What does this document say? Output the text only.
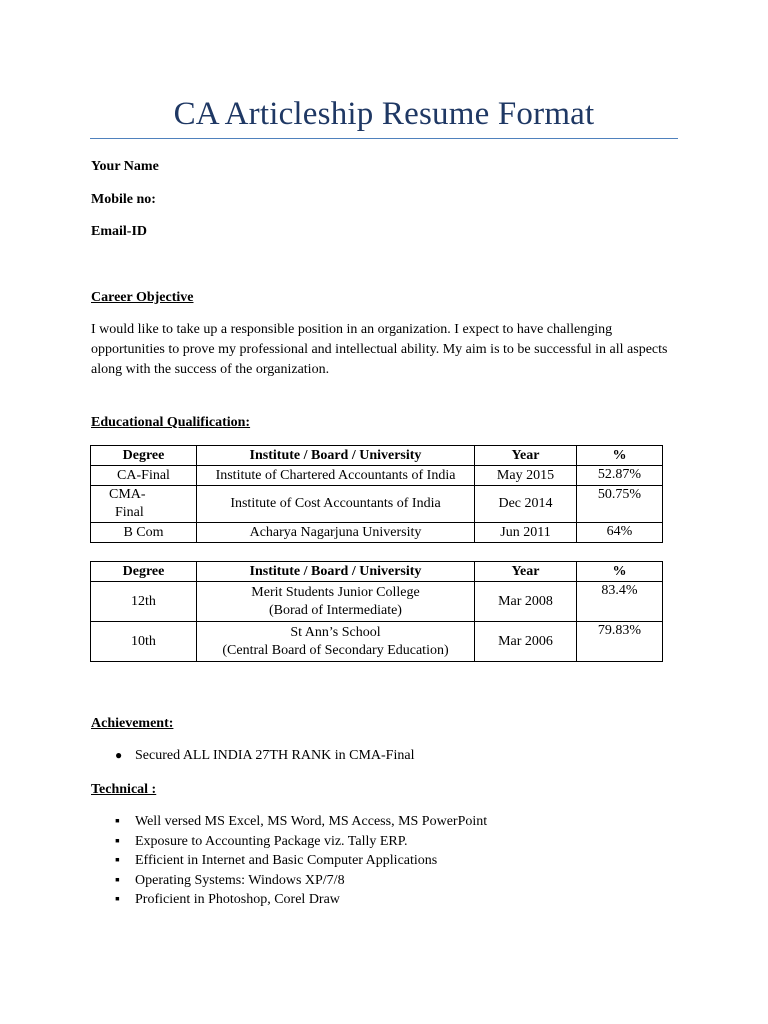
CA Articleship Resume Format
Your Name
Mobile no:
Email-ID
Career Objective
I would like to take up a responsible position in an organization. I expect to have challenging opportunities to prove my professional and intellectual ability. My aim is to be successful in all aspects along with the success of the organization.
Educational Qualification:
Degree	Institute / Board / University	Year	%
CA-Final	Institute of Chartered Accountants of India	May 2015	52.87%

CMA-
Final	Institute of Cost Accountants of India	Dec 2014	50.75%
B Com	Acharya Nagarjuna University	Jun 2011	64%
Degree	Institute / Board / University	Year	%
12th	Merit Students Junior College
(Borad of Intermediate)	Mar 2008	83.4%
10th	St Ann’s School
(Central Board of Secondary Education)	Mar 2006	79.83%
Achievement:
● Secured ALL INDIA 27TH RANK in CMA-Final
Technical :
▪ Well versed MS Excel, MS Word, MS Access, MS PowerPoint
▪ Exposure to Accounting Package viz. Tally ERP.
▪ Efficient in Internet and Basic Computer Applications
▪ Operating Systems: Windows XP/7/8
▪ Proficient in Photoshop, Corel Draw
